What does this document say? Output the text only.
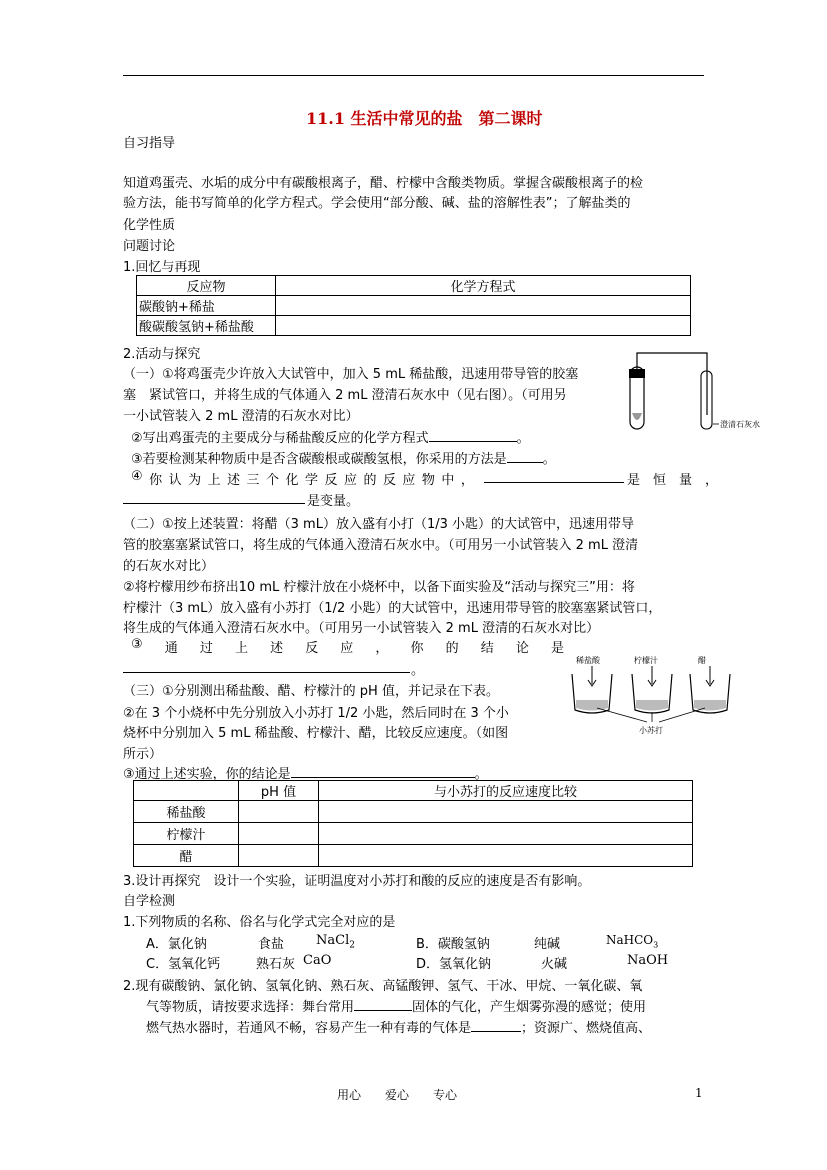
11.1 生活中常见的盐　第二课时
自习指导
知道鸡蛋壳、水垢的成分中有碳酸根离子，醋、柠檬中含酸类物质。掌握含碳酸根离子的检
验方法，能书写简单的化学方程式。学会使用“部分酸、碱、盐的溶解性表”；了解盐类的
化学性质
问题讨论
1.回忆与再现
反应物	化学方程式
碳酸钠+稀盐	
酸碳酸氢钠+稀盐酸	
2.活动与探究
（一）①将鸡蛋壳少许放入大试管中，加入 5 mL 稀盐酸，迅速用带导管的胶塞
塞　紧试管口，并将生成的气体通入 2 mL 澄清石灰水中（见右图）。（可用另
一小试管装入 2 mL 澄清的石灰水对比）
②写出鸡蛋壳的主要成分与稀盐酸反应的化学方程式	。
③若要检测某种物质中是否含碳酸根或碳酸氢根，你采用的方法是	。
④ 你 认 为 上 述 三 个 化 学 反 应 的 反 应 物 中 ，	是　恒　量　，
是变量。
（二）①按上述装置：将醋（3 mL）放入盛有小打（1/3 小匙）的大试管中，迅速用带导
管的胶塞塞紧试管口，将生成的气体通入澄清石灰水中。（可用另一小试管装入 2 mL 澄清
的石灰水对比）
②将柠檬用纱布挤出10 mL 柠檬汁放在小烧杯中，以备下面实验及“活动与探究三”用：将
柠檬汁（3 mL）放入盛有小苏打（1/2 小匙）的大试管中，迅速用带导管的胶塞塞紧试管口，
将生成的气体通入澄清石灰水中。（可用另一小试管装入 2 mL 澄清的石灰水对比）
③ 通 过 上 述 反 应 ， 你 的 结 论 是
。
（三）①分别测出稀盐酸、醋、柠檬汁的 pH 值，并记录在下表。
②在 3 个小烧杯中先分别放入小苏打 1/2 小匙，然后同时在 3 个小
烧杯中分别加入 5 mL 稀盐酸、柠檬汁、醋，比较反应速度。（如图
所示）
③通过上述实验，你的结论是	。
	pH 值	与小苏打的反应速度比较
稀盐酸		
柠檬汁		
醋		
3.设计再探究　设计一个实验，证明温度对小苏打和酸的反应的速度是否有影响。
自学检测
1.下列物质的名称、俗名与化学式完全对应的是
A．氯化钠	食盐 NaCl$_2$	B．碳酸氢钠	纯碱	NaHCO$_3$
C．氢氧化钙	熟石灰 CaO	D．氢氧化钠	火碱	NaOH
2.现有碳酸钠、氯化钠、氢氧化钠、熟石灰、高锰酸钾、氢气、干冰、甲烷、一氧化碳、氧
气等物质，请按要求选择：舞台常用	固体的气化，产生烟雾弥漫的感觉；使用
燃气热水器时，若通风不畅，容易产生一种有毒的气体是	；资源广、燃烧值高、
澄清石灰水
稀盐酸	柠檬汁	醋
小苏打
用心　　爱心　　专心	1
